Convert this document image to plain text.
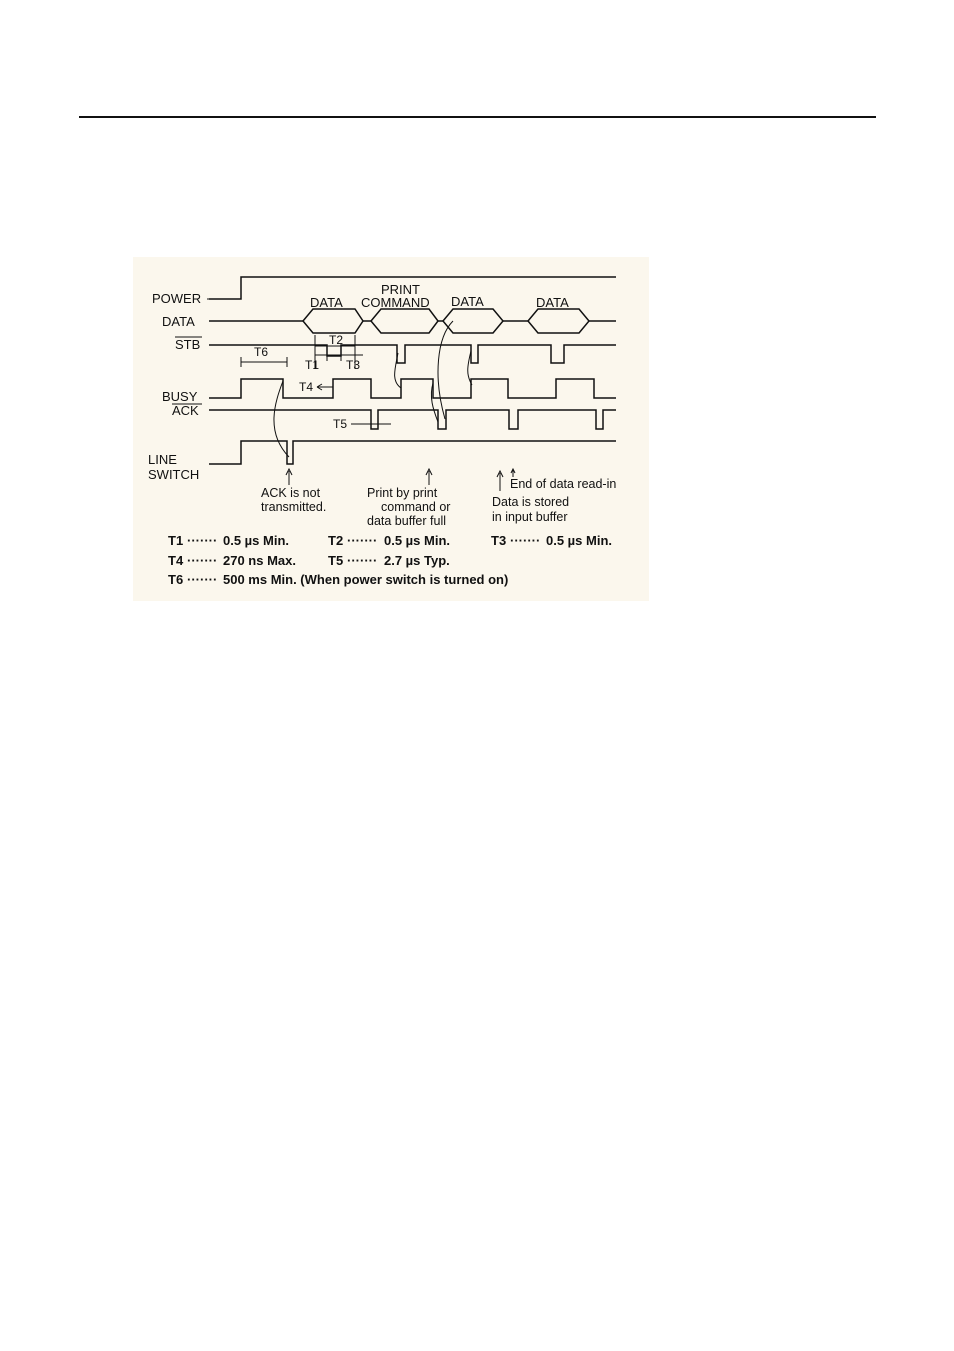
POWER
DATA
STB
BUSY
ACK
LINE
SWITCH
DATA
PRINT
COMMAND DATA	DATA
T6
T2
T1 T3
T4
T5
ACK is not
transmitted.
Print by print
command or
data buffer full
End of data read-in
Data is stored
in input buffer
T1 ······· 0.5 µs Min.	T2 ······· 0.5 µs Min.	T3 ······· 0.5 µs Min.
T4 ······· 270 ns Max. T5 ······· 2.7 µs Typ.
T6 ······· 500 ms Min. (When power switch is turned on)
